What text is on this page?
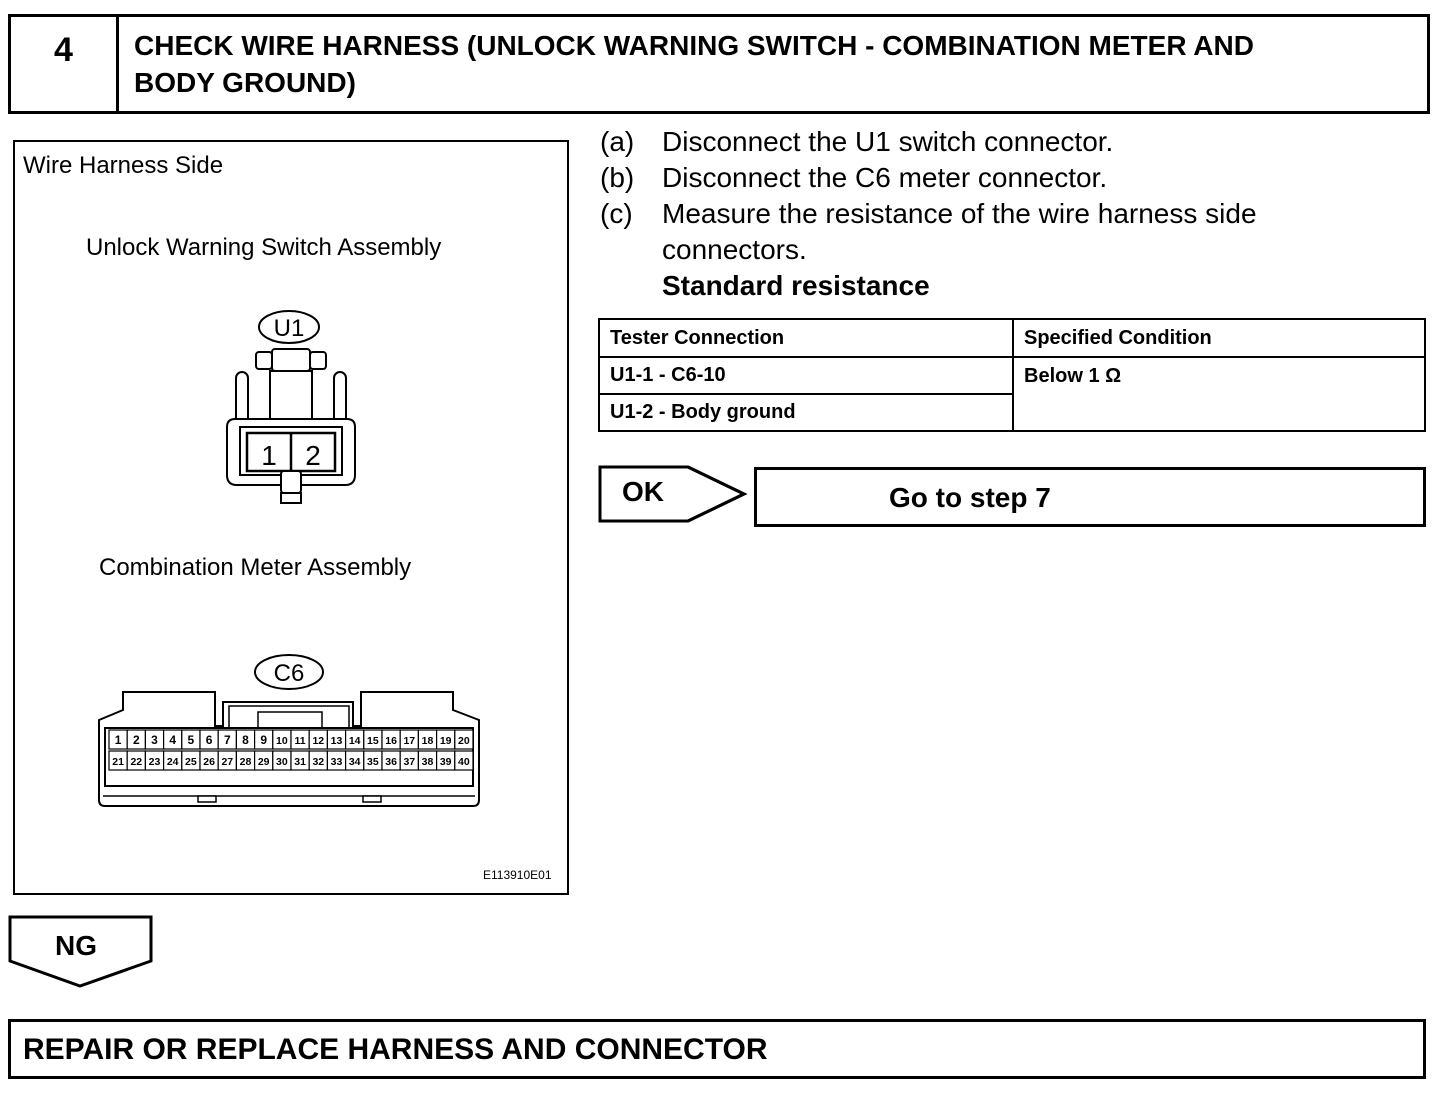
4	CHECK WIRE HARNESS (UNLOCK WARNING SWITCH - COMBINATION METER AND
BODY GROUND)
Wire Harness Side
Unlock Warning Switch Assembly
U1
1 2
Combination Meter Assembly
C6
1 2 3 4 5 6 7 8 9 10 11 12 13 14 15 16 17 18 19 20
21 22 23 24 25 26 27 28 29 30 31 32 33 34 35 36 37 38 39 40
E113910E01
(a) Disconnect the U1 switch connector.
(b) Disconnect the C6 meter connector.
(c) Measure the resistance of the wire harness side
connectors.
Standard resistance
Tester Connection	Specified Condition
U1-1 - C6-10	Below 1 Ω
U1-2 - Body ground	
OK	Go to step 7
NG
REPAIR OR REPLACE HARNESS AND CONNECTOR
